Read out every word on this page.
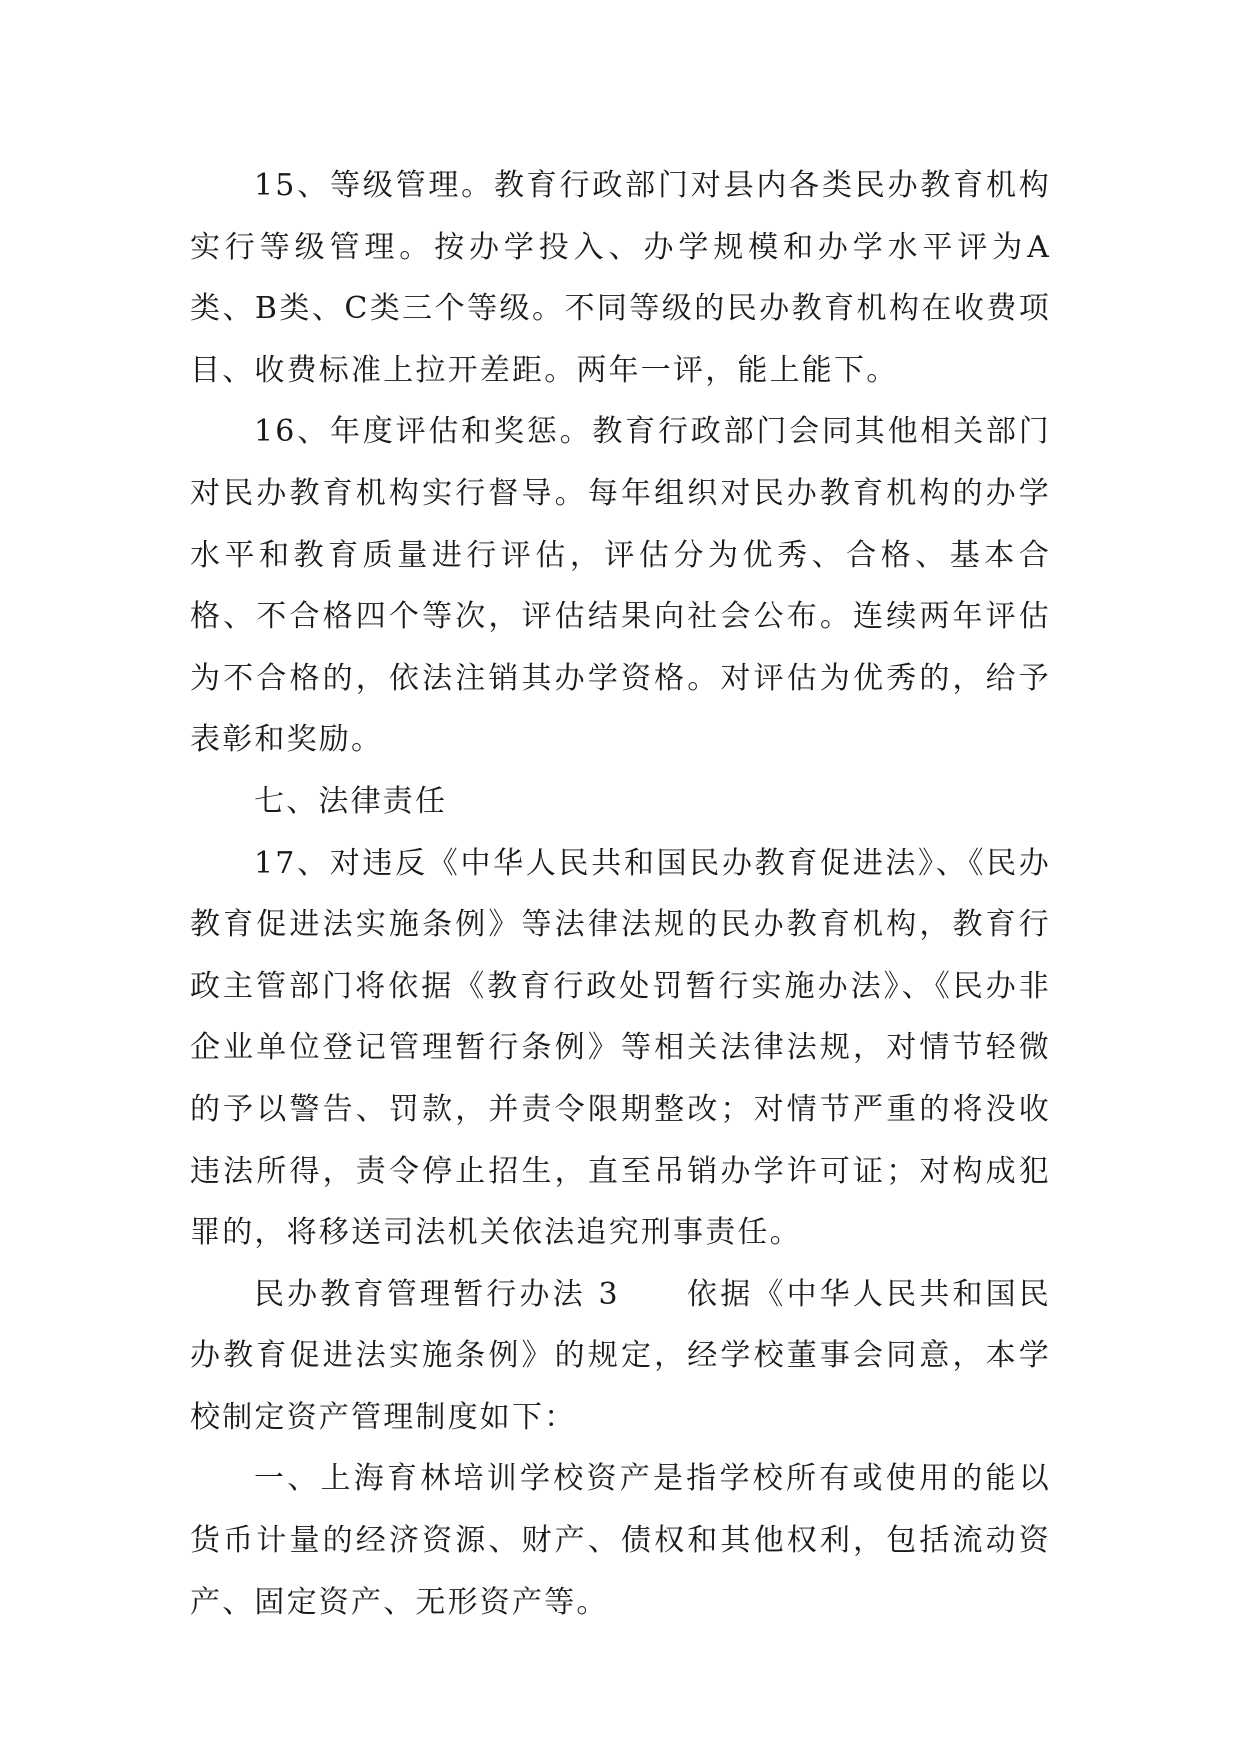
15、等级管理。教育行政部门对县内各类民办教育机构实行等级管理。按办学投入、办学规模和办学水平评为A类、B类、C类三个等级。不同等级的民办教育机构在收费项目、收费标准上拉开差距。两年一评，能上能下。

16、年度评估和奖惩。教育行政部门会同其他相关部门对民办教育机构实行督导。每年组织对民办教育机构的办学水平和教育质量进行评估，评估分为优秀、合格、基本合格、不合格四个等次，评估结果向社会公布。连续两年评估为不合格的，依法注销其办学资格。对评估为优秀的，给予表彰和奖励。

七、法律责任

17、对违反《中华人民共和国民办教育促进法》、《民办教育促进法实施条例》等法律法规的民办教育机构，教育行政主管部门将依据《教育行政处罚暂行实施办法》、《民办非企业单位登记管理暂行条例》等相关法律法规，对情节轻微的予以警告、罚款，并责令限期整改；对情节严重的将没收违法所得，责令停止招生，直至吊销办学许可证；对构成犯罪的，将移送司法机关依法追究刑事责任。

民办教育管理暂行办法 3　　依据《中华人民共和国民办教育促进法实施条例》的规定，经学校董事会同意，本学校制定资产管理制度如下：

一、上海育林培训学校资产是指学校所有或使用的能以货币计量的经济资源、财产、债权和其他权利，包括流动资产、固定资产、无形资产等。
